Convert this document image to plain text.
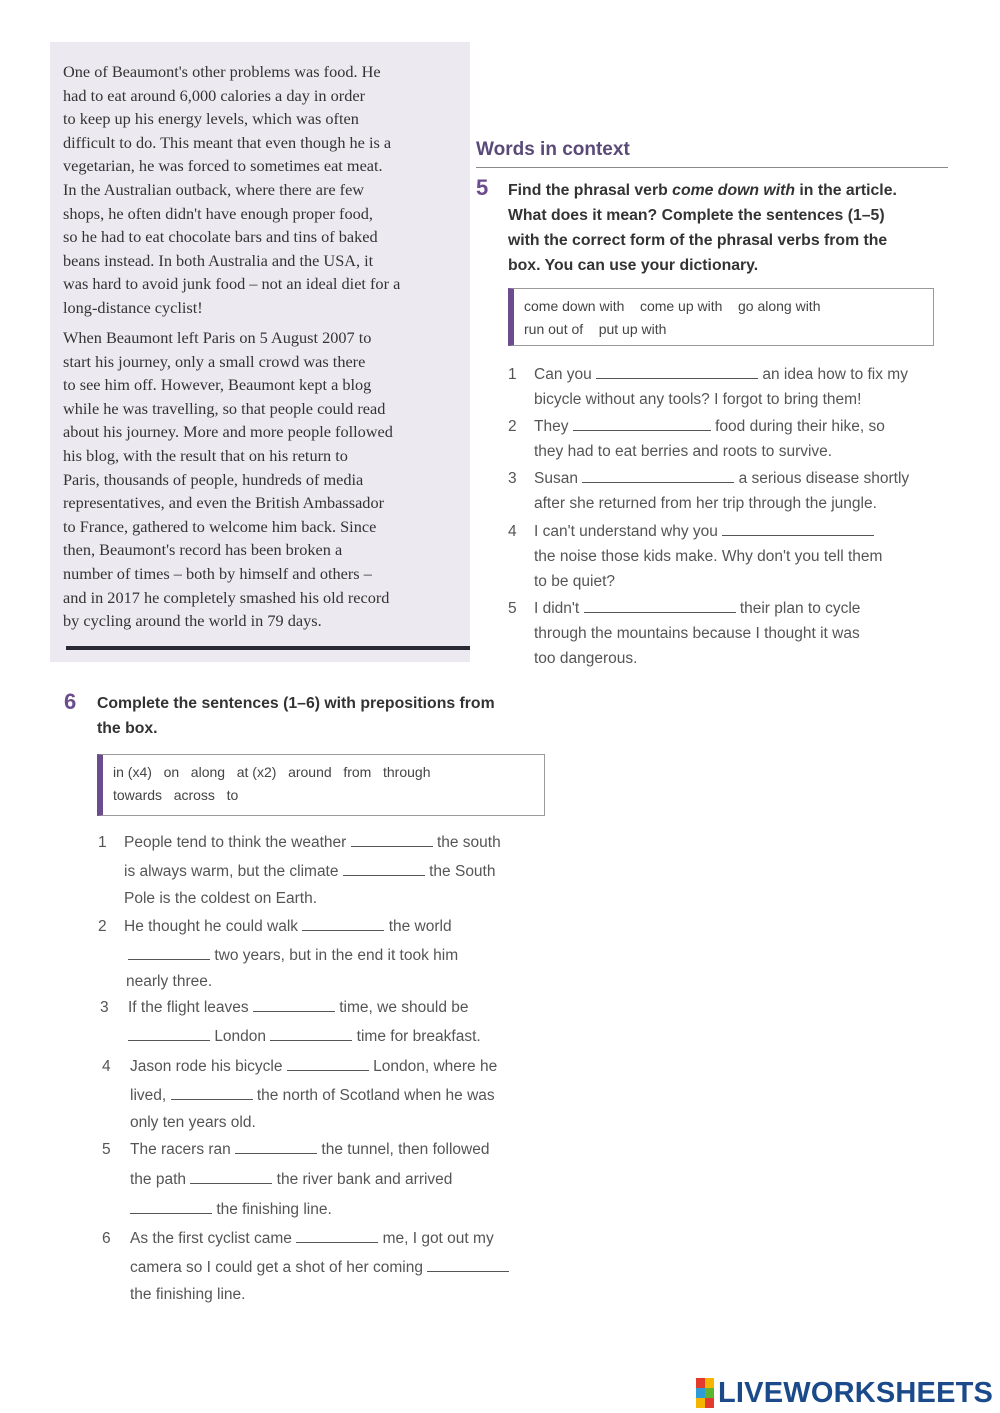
One of Beaumont's other problems was food. He
had to eat around 6,000 calories a day in order
to keep up his energy levels, which was often
difficult to do. This meant that even though he is a
vegetarian, he was forced to sometimes eat meat.
In the Australian outback, where there are few
shops, he often didn't have enough proper food,
so he had to eat chocolate bars and tins of baked
beans instead. In both Australia and the USA, it
was hard to avoid junk food – not an ideal diet for a
long-distance cyclist!

When Beaumont left Paris on 5 August 2007 to
start his journey, only a small crowd was there
to see him off. However, Beaumont kept a blog
while he was travelling, so that people could read
about his journey. More and more people followed
his blog, with the result that on his return to
Paris, thousands of people, hundreds of media
representatives, and even the British Ambassador
to France, gathered to welcome him back. Since
then, Beaumont's record has been broken a
number of times – both by himself and others –
and in 2017 he completely smashed his old record
by cycling around the world in 79 days.

Words in context
5 Find the phrasal verb come down with in the article.
What does it mean? Complete the sentences (1–5)
with the correct form of the phrasal verbs from the
box. You can use your dictionary.
come down with    come up with    go along with
run out of    put up with
1 Can you	an idea how to fix my
bicycle without any tools? I forgot to bring them!
2 They	food during their hike, so
they had to eat berries and roots to survive.
3 Susan	a serious disease shortly
after she returned from her trip through the jungle.
4 I can't understand why you
the noise those kids make. Why don't you tell them
to be quiet?
5 I didn't	their plan to cycle
through the mountains because I thought it was
too dangerous.
6 Complete the sentences (1–6) with prepositions from
the box.
in (x4)   on   along   at (x2)   around   from   through
towards   across   to
1 People tend to think the weather	the south
is always warm, but the climate	the South
Pole is the coldest on Earth.
2 He thought he could walk	the world
two years, but in the end it took him
nearly three.
3 If the flight leaves	time, we should be
London	time for breakfast.
4 Jason rode his bicycle	London, where he
lived,	the north of Scotland when he was
only ten years old.
5 The racers ran	the tunnel, then followed
the path	the river bank and arrived
the finishing line.
6 As the first cyclist came	me, I got out my
camera so I could get a shot of her coming
the finishing line.
LIVEWORKSHEETS
